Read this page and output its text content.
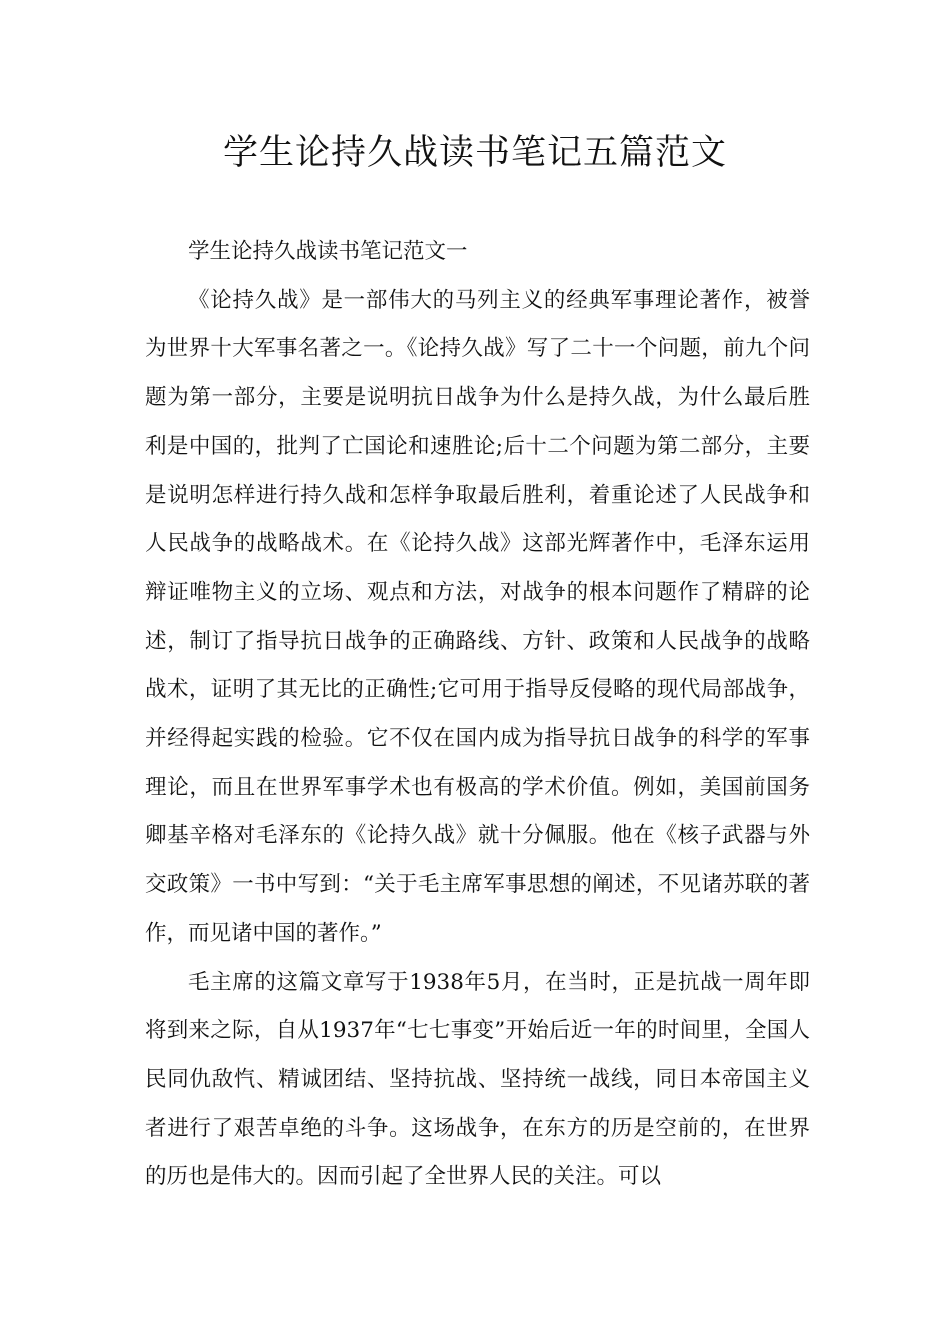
学生论持久战读书笔记五篇范文

学生论持久战读书笔记范文一

《论持久战》是一部伟大的马列主义的经典军事理论著作，被誉为世界十大军事名著之一。《论持久战》写了二十一个问题，前九个问题为第一部分，主要是说明抗日战争为什么是持久战，为什么最后胜利是中国的，批判了亡国论和速胜论;后十二个问题为第二部分，主要是说明怎样进行持久战和怎样争取最后胜利，着重论述了人民战争和人民战争的战略战术。在《论持久战》这部光辉著作中，毛泽东运用辩证唯物主义的立场、观点和方法，对战争的根本问题作了精辟的论述，制订了指导抗日战争的正确路线、方针、政策和人民战争的战略战术，证明了其无比的正确性;它可用于指导反侵略的现代局部战争，并经得起实践的检验。它不仅在国内成为指导抗日战争的科学的军事理论，而且在世界军事学术也有极高的学术价值。例如，美国前国务卿基辛格对毛泽东的《论持久战》就十分佩服。他在《核子武器与外交政策》一书中写到：“关于毛主席军事思想的阐述，不见诸苏联的著作，而见诸中国的著作。”

毛主席的这篇文章写于1938年5月，在当时，正是抗战一周年即将到来之际，自从1937年“七七事变”开始后近一年的时间里，全国人民同仇敌忾、精诚团结、坚持抗战、坚持统一战线，同日本帝国主义者进行了艰苦卓绝的斗争。这场战争，在东方的历是空前的，在世界的历也是伟大的。因而引起了全世界人民的关注。可以
